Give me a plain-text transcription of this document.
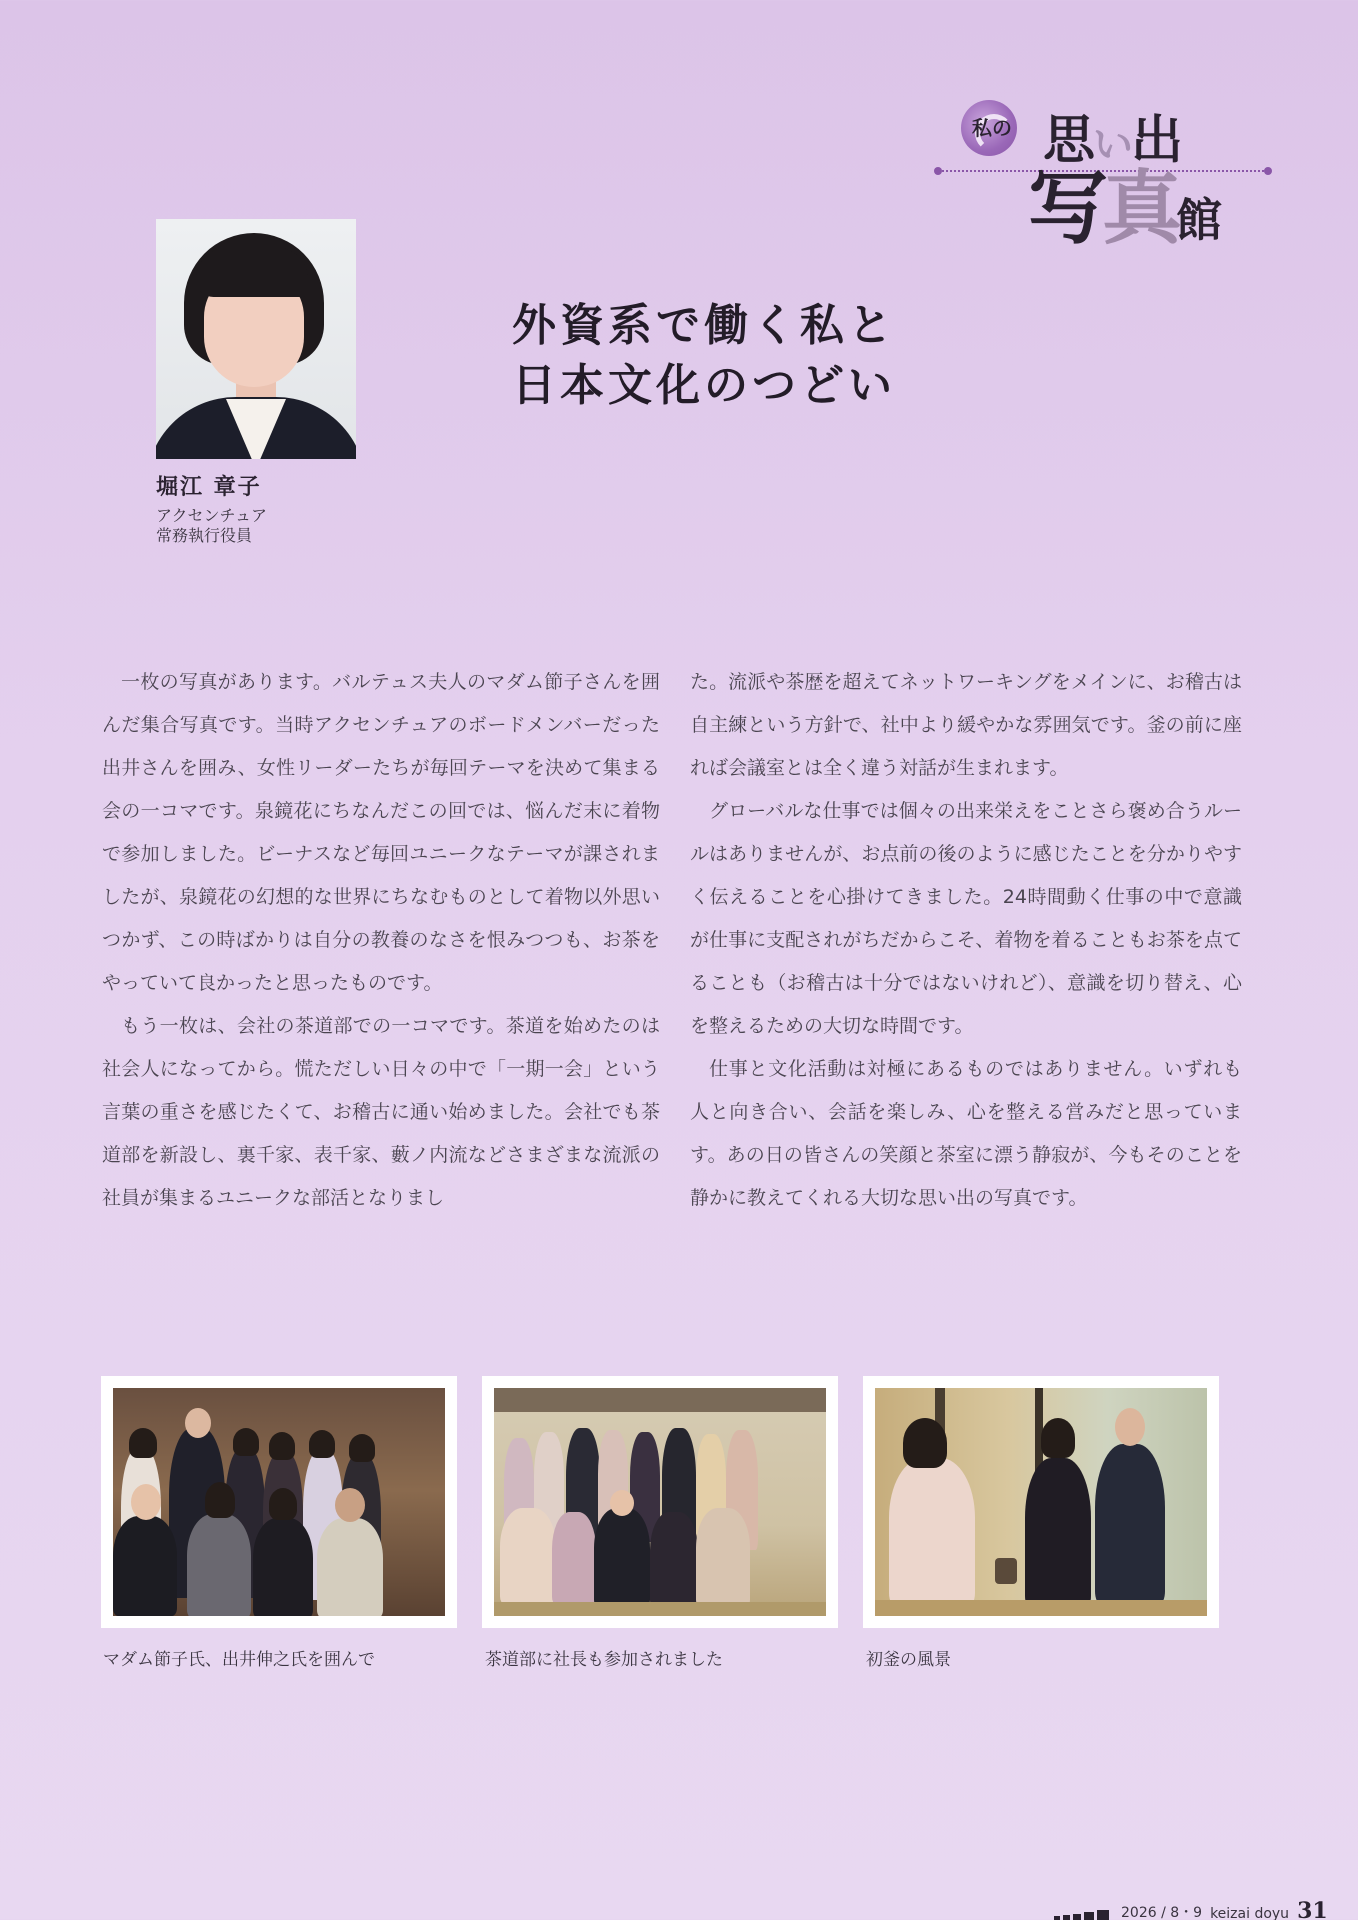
私の 思い出
写真館
堀江 章子
アクセンチュア
常務執行役員
外資系で働く私と
日本文化のつどい

一枚の写真があります。バルテュス夫人のマダム節子さんを囲んだ集合写真です。当時アクセンチュアのボードメンバーだった出井さんを囲み、女性リーダーたちが毎回テーマを決めて集まる会の一コマです。泉鏡花にちなんだこの回では、悩んだ末に着物で参加しました。ビーナスなど毎回ユニークなテーマが課されましたが、泉鏡花の幻想的な世界にちなむものとして着物以外思いつかず、この時ばかりは自分の教養のなさを恨みつつも、お茶をやっていて良かったと思ったものです。

もう一枚は、会社の茶道部での一コマです。茶道を始めたのは社会人になってから。慌ただしい日々の中で「一期一会」という言葉の重さを感じたくて、お稽古に通い始めました。会社でも茶道部を新設し、裏千家、表千家、藪ノ内流などさまざまな流派の社員が集まるユニークな部活となりまし

た。流派や茶歴を超えてネットワーキングをメインに、お稽古は自主練という方針で、社中より緩やかな雰囲気です。釜の前に座れば会議室とは全く違う対話が生まれます。

グローバルな仕事では個々の出来栄えをことさら褒め合うルールはありませんが、お点前の後のように感じたことを分かりやすく伝えることを心掛けてきました。24時間動く仕事の中で意識が仕事に支配されがちだからこそ、着物を着ることもお茶を点てることも（お稽古は十分ではないけれど）、意識を切り替え、心を整えるための大切な時間です。

仕事と文化活動は対極にあるものではありません。いずれも人と向き合い、会話を楽しみ、心を整える営みだと思っています。あの日の皆さんの笑顔と茶室に漂う静寂が、今もそのことを静かに教えてくれる大切な思い出の写真です。

マダム節子氏、出井伸之氏を囲んで	茶道部に社長も参加されました	初釜の風景
2026 / 8・9 keizai doyu 31
